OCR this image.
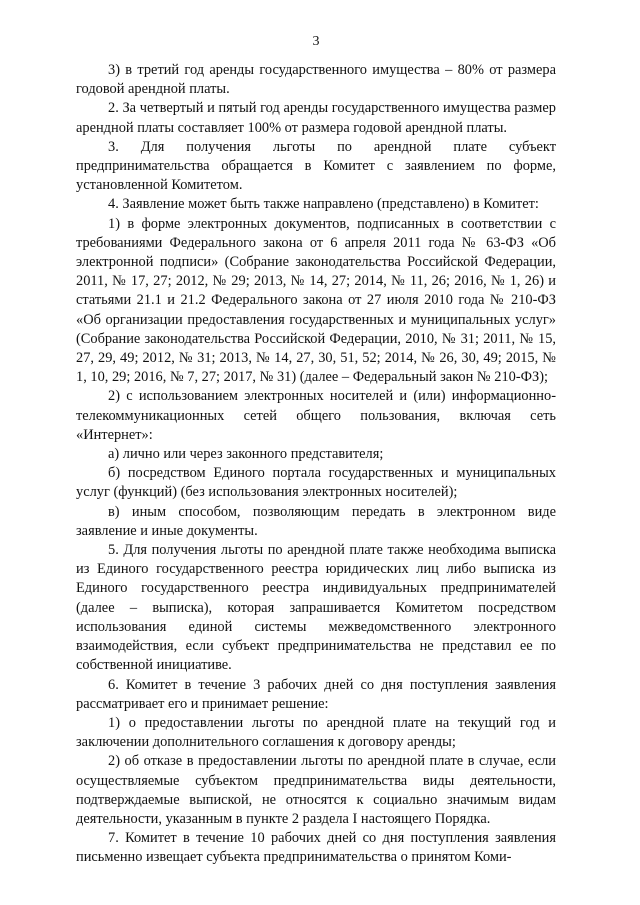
3

3) в третий год аренды государственного имущества – 80% от размера годовой арендной платы.

2. За четвертый и пятый год аренды государственного имущества размер арендной платы составляет 100% от размера годовой арендной платы.

3. Для получения льготы по арендной плате субъект предпринимательства обращается в Комитет с заявлением по форме, установленной Комитетом.

4. Заявление может быть также направлено (представлено) в Комитет:

1) в форме электронных документов, подписанных в соответствии с требованиями Федерального закона от 6 апреля 2011 года № 63-ФЗ «Об электронной подписи» (Собрание законодательства Российской Федерации, 2011, № 17, 27; 2012, № 29; 2013, № 14, 27; 2014, № 11, 26; 2016, № 1, 26) и статьями 21.1 и 21.2 Федерального закона от 27 июля 2010 года № 210-ФЗ «Об организации предоставления государственных и муниципальных услуг» (Собрание законодательства Российской Федерации, 2010, № 31; 2011, № 15, 27, 29, 49; 2012, № 31; 2013, № 14, 27, 30, 51, 52; 2014, № 26, 30, 49; 2015, № 1, 10, 29; 2016, № 7, 27; 2017, № 31) (далее – Федеральный закон № 210-ФЗ);

2) с использованием электронных носителей и (или) информационно-телекоммуникационных сетей общего пользования, включая сеть «Интернет»:

а) лично или через законного представителя;

б) посредством Единого портала государственных и муниципальных услуг (функций) (без использования электронных носителей);

в) иным способом, позволяющим передать в электронном виде заявление и иные документы.

5. Для получения льготы по арендной плате также необходима выписка из Единого государственного реестра юридических лиц либо выписка из Единого государственного реестра индивидуальных предпринимателей (далее – выписка), которая запрашивается Комитетом посредством использования единой системы межведомственного электронного взаимодействия, если субъект предпринимательства не представил ее по собственной инициативе.

6. Комитет в течение 3 рабочих дней со дня поступления заявления рассматривает его и принимает решение:

1) о предоставлении льготы по арендной плате на текущий год и заключении дополнительного соглашения к договору аренды;

2) об отказе в предоставлении льготы по арендной плате в случае, если осуществляемые субъектом предпринимательства виды деятельности, подтверждаемые выпиской, не относятся к социально значимым видам деятельности, указанным в пункте 2 раздела I настоящего Порядка.

7. Комитет в течение 10 рабочих дней со дня поступления заявления письменно извещает субъекта предпринимательства о принятом Коми-
